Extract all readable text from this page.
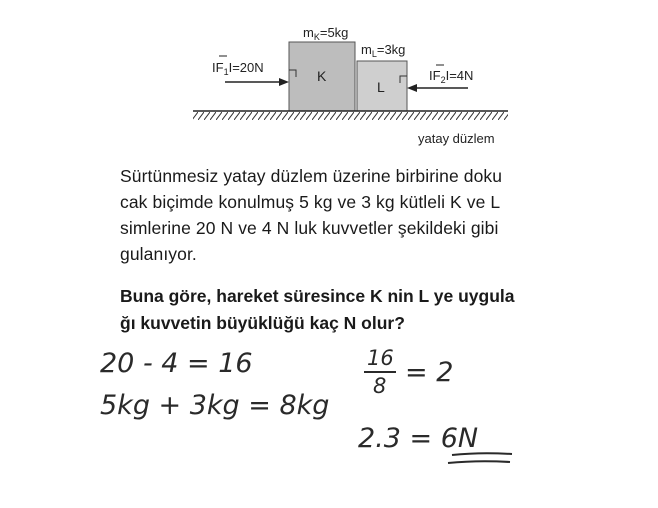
$m_K=5kg$
$m_L=3kg$
K
L
$IF_1I=20N$
$IF_2I=4N$
yatay düzlem

Sürtünmesiz yatay düzlem üzerine birbirine doku

cak biçimde konulmuş 5 kg ve 3 kg kütleli K ve L

simlerine 20 N ve 4 N luk kuvvetler şekildeki gibi

gulanıyor.

Buna göre, hareket süresince K nin L ye uygula

ğı kuvvetin büyüklüğü kaç N olur?

20 - 4 = 16
5kg + 3kg = 8kg
16
8 = 2
2.3 = 6N
